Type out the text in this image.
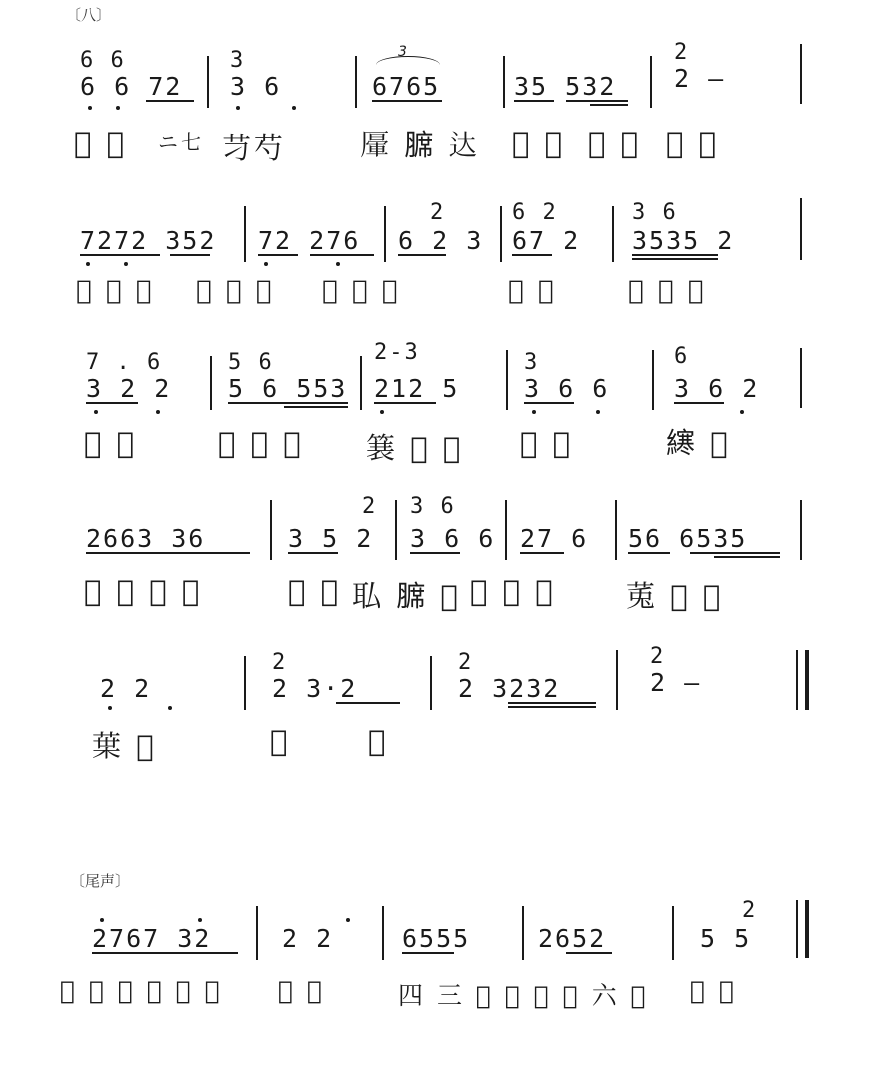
〔八〕
6 6
6 6 72
3
3 6
3
6765	35 532
2
2 —
𫝀 乑 ニ七 䒒芍	𠪷 𫟊 达 𫞖 𠈌 𫝁 𫞗 𫞕 𬂨
7272 352 72 276
2
6 2 3
6 2
67 2
3 6
3535 2
𫞪 𫞫 𫞬 𫞭 𫞮 𫞯 𫞰 𫞱 𫞲	𫞳 𫞴	𫞵 𫞶 𫞷
7 . 6
3 2 2
5 6
5 6 553
2-3
212 5
3
3 6 6
6
3 6 2
𫞸 𫞹	𫞺 𫞻 𫞼 𫞽 𫞾 𫞿 𫟀 𫟁	𫟂 𫟃
2663 36
2
3 5 2
3 6
3 6 6 27 6 56 6535
𫟄 五 𫟅 𫟆	𫟇 𫟈 𫟉 𫟊 𫟋 𫟌 𫟍 𫟎 𫟏 𫟐 𫟑
2 2
2
2 3·2
2
2 3232
2
2 —
𫟒 𫟓	𫟔	𫟕
〔尾声〕
2767 32	2 2	6555	2652
2
5 5
𫟖 𫟗 𫟘 五 𫟙 六 𫟚 𫟛	四 三 𫟜 𫟝 𫟞 𫟟 六 𫟠 𫟡 𫟢
